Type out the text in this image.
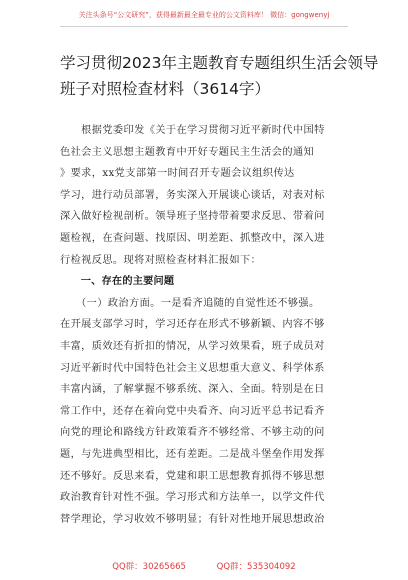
关注头条号“公文研究”，获得最新最全最专业的公文资料库！ 微信：gongwenyj
学习贯彻2023年主题教育专题组织生活会领导
班子对照检查材料（3614字）
　　根据党委印发《关于在学习贯彻习近平新时代中国特
色社会主义思想主题教育中开好专题民主生活会的通知
》要求，xx党支部第一时间召开专题会议组织传达
学习，进行动员部署，务实深入开展谈心谈话，对表对标
深入做好检视剖析。领导班子坚持带着要求反思、带着问
题检视，在查问题、找原因、明差距、抓整改中，深入进
行检视反思。现将对照检查材料汇报如下：
　　一、存在的主要问题
　　（一）政治方面。一是看齐追随的自觉性还不够强。
在开展支部学习时，学习还存在形式不够新颖、内容不够
丰富，质效还有折扣的情况，从学习效果看，班子成员对
习近平新时代中国特色社会主义思想重大意义、科学体系
丰富内涵，了解掌握不够系统、深入、全面。特别是在日
常工作中，还存在着向党中央看齐、向习近平总书记看齐
向党的理论和路线方针政策看齐不够经常、不够主动的问
题，与先进典型相比，还有差距。二是战斗堡垒作用发挥
还不够好。反思来看，党建和职工思想教育抓得不够思想
政治教育针对性不强。学习形式和方法单一，以学文件代
替学理论，学习收效不够明显；有针对性地开展思想政治
QQ群：30265665	QQ群：535304092
